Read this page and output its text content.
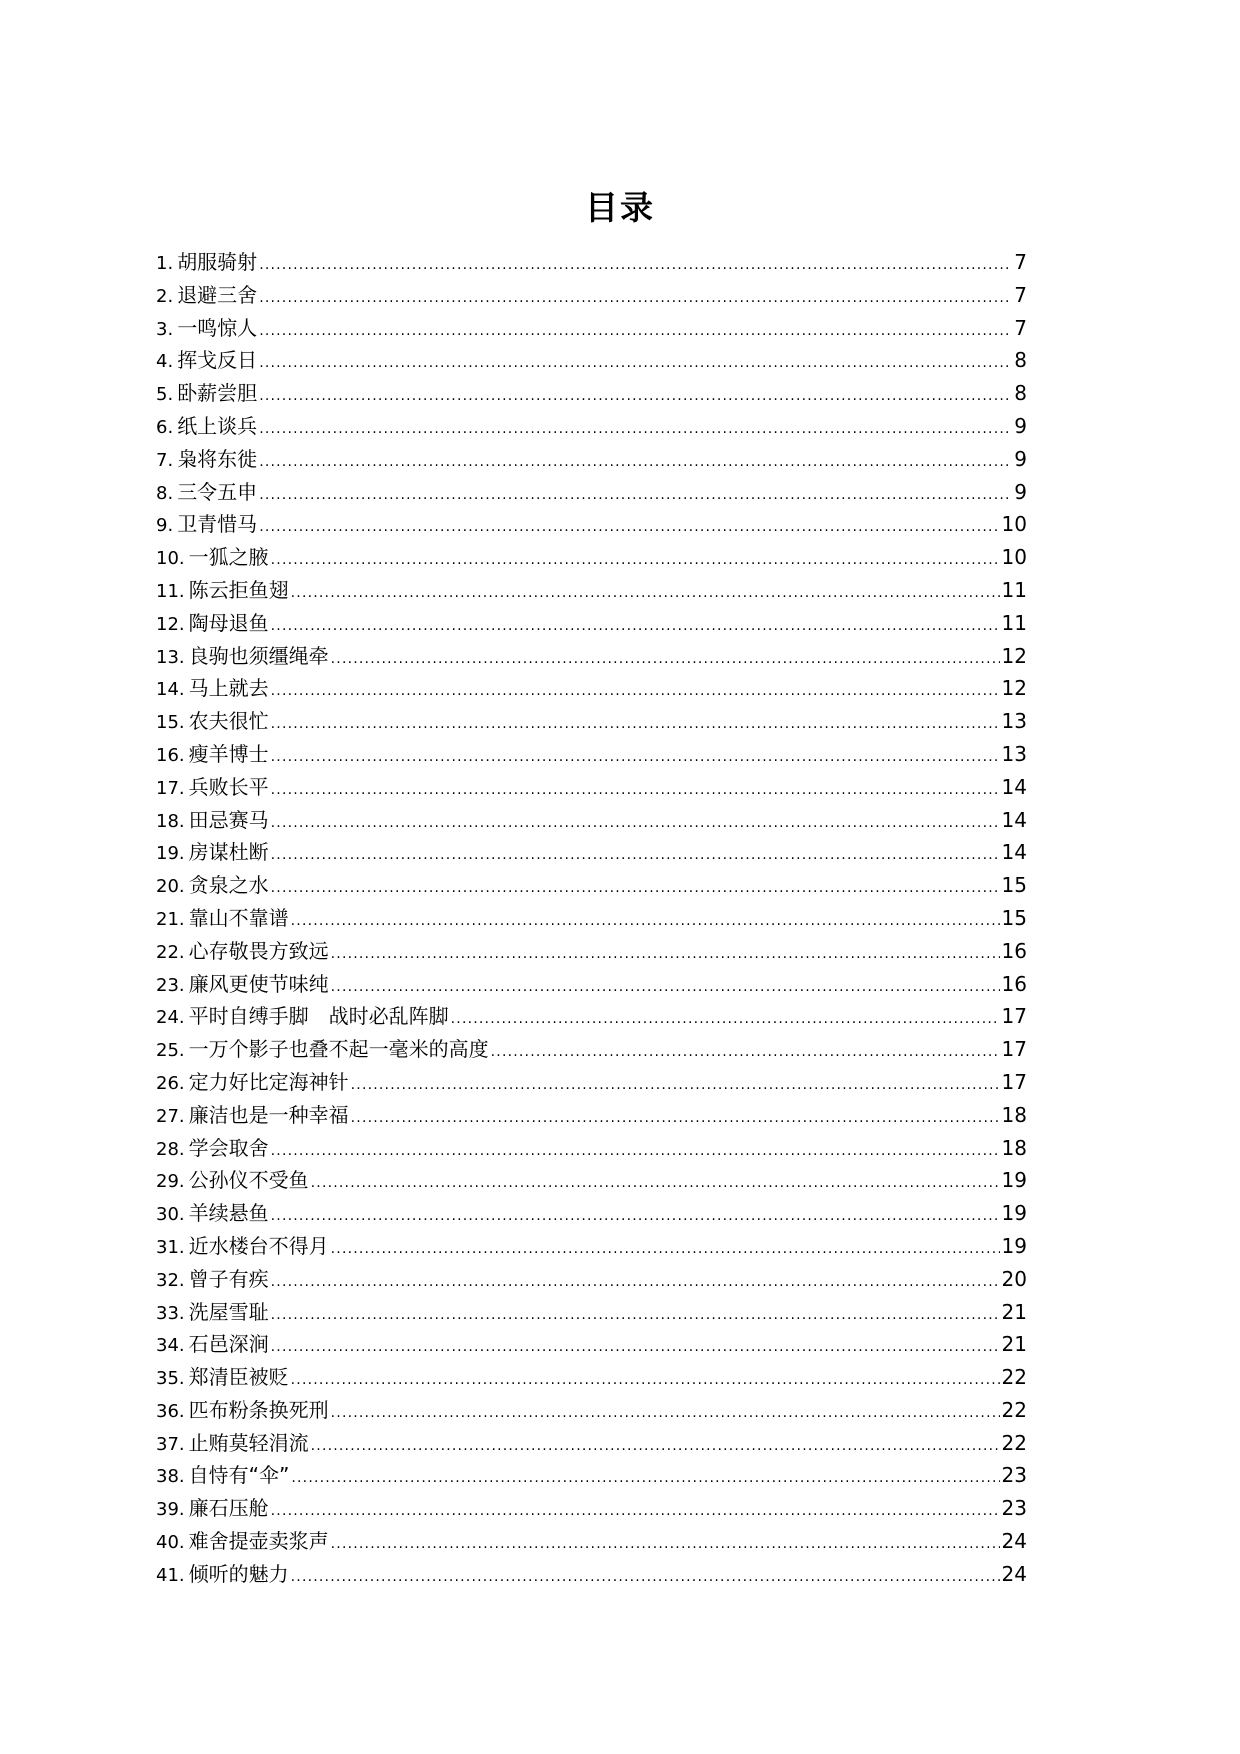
目录
1. 胡服骑射 .....	7
2. 退避三舍 .....	7
3. 一鸣惊人 .....	7
4. 挥戈反日 .....	8
5. 卧薪尝胆 .....	8
6. 纸上谈兵 .....	9
7. 枭将东徙 .....	9
8. 三令五申 .....	9
9. 卫青惜马 .....	10
10. 一狐之腋 .....	10
11. 陈云拒鱼翅 .....	11
12. 陶母退鱼 .....	11
13. 良驹也须缰绳牵 .....	12
14. 马上就去 .....	12
15. 农夫很忙 .....	13
16. 瘦羊博士 .....	13
17. 兵败长平 .....	14
18. 田忌赛马 .....	14
19. 房谋杜断 .....	14
20. 贪泉之水 .....	15
21. 靠山不靠谱 .....	15
22. 心存敬畏方致远 .....	16
23. 廉风更使节味纯 .....	16
24. 平时自缚手脚　战时必乱阵脚 .....	17
25. 一万个影子也叠不起一毫米的高度 .....	17
26. 定力好比定海神针 .....	17
27. 廉洁也是一种幸福 .....	18
28. 学会取舍 .....	18
29. 公孙仪不受鱼 .....	19
30. 羊续悬鱼 .....	19
31. 近水楼台不得月 .....	19
32. 曾子有疾 .....	20
33. 洗屋雪耻 .....	21
34. 石邑深涧 .....	21
35. 郑清臣被贬 .....	22
36. 匹布粉条换死刑 .....	22
37. 止贿莫轻涓流 .....	22
38. 自恃有“伞” .....	23
39. 廉石压舱 .....	23
40. 难舍提壶卖浆声 .....	24
41. 倾听的魅力 .....	24
